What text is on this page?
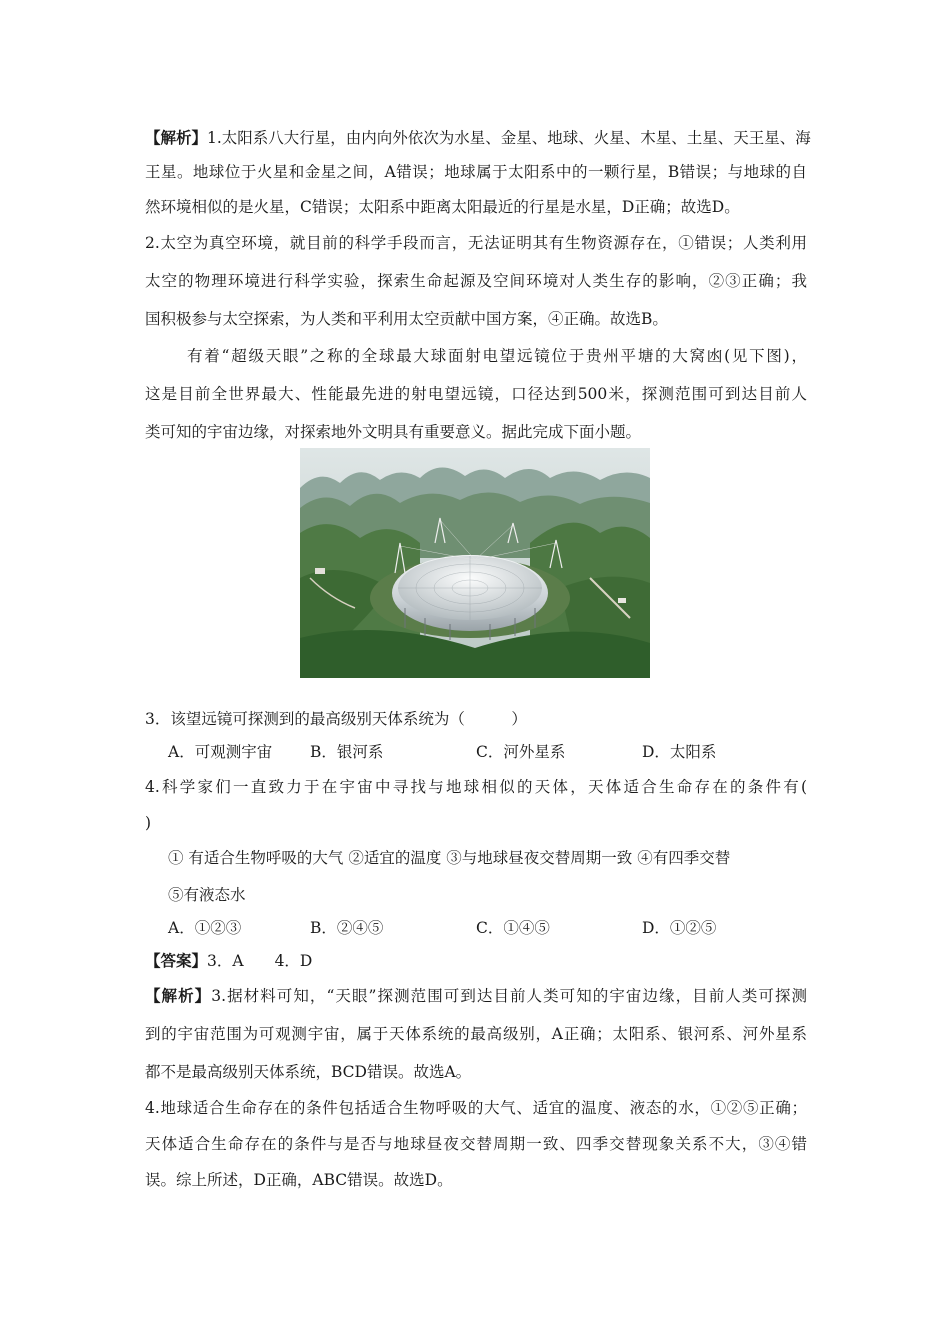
【解析】1.太阳系八大行星，由内向外依次为水星、金星、地球、火星、木星、土星、天王星、海
王星。地球位于火星和金星之间，A错误；地球属于太阳系中的一颗行星，B错误；与地球的自
然环境相似的是火星，C错误；太阳系中距离太阳最近的行星是水星，D正确；故选D。
2.太空为真空环境，就目前的科学手段而言，无法证明其有生物资源存在，①错误；人类利用
太空的物理环境进行科学实验，探索生命起源及空间环境对人类生存的影响，②③正确；我
国积极参与太空探索，为人类和平利用太空贡献中国方案，④正确。故选B。
有着“超级天眼”之称的全球最大球面射电望远镜位于贵州平塘的大窝凼(见下图)，
这是目前全世界最大、性能最先进的射电望远镜，口径达到500米，探测范围可到达目前人
类可知的宇宙边缘，对探索地外文明具有重要意义。据此完成下面小题。
3．该望远镜可探测到的最高级别天体系统为（　　　）
A．可观测宇宙 B．银河系	C．河外星系	D．太阳系
4.科学家们一直致力于在宇宙中寻找与地球相似的天体，天体适合生命存在的条件有(
)
① 有适合生物呼吸的大气 ②适宜的温度 ③与地球昼夜交替周期一致 ④有四季交替
⑤有液态水
A．①②③	B．②④⑤	C．①④⑤	D．①②⑤
【答案】3．A　　4．D
【解析】3.据材料可知，“天眼”探测范围可到达目前人类可知的宇宙边缘，目前人类可探测
到的宇宙范围为可观测宇宙，属于天体系统的最高级别，A正确；太阳系、银河系、河外星系
都不是最高级别天体系统，BCD错误。故选A。
4.地球适合生命存在的条件包括适合生物呼吸的大气、适宜的温度、液态的水，①②⑤正确；
天体适合生命存在的条件与是否与地球昼夜交替周期一致、四季交替现象关系不大，③④错
误。综上所述，D正确，ABC错误。故选D。
